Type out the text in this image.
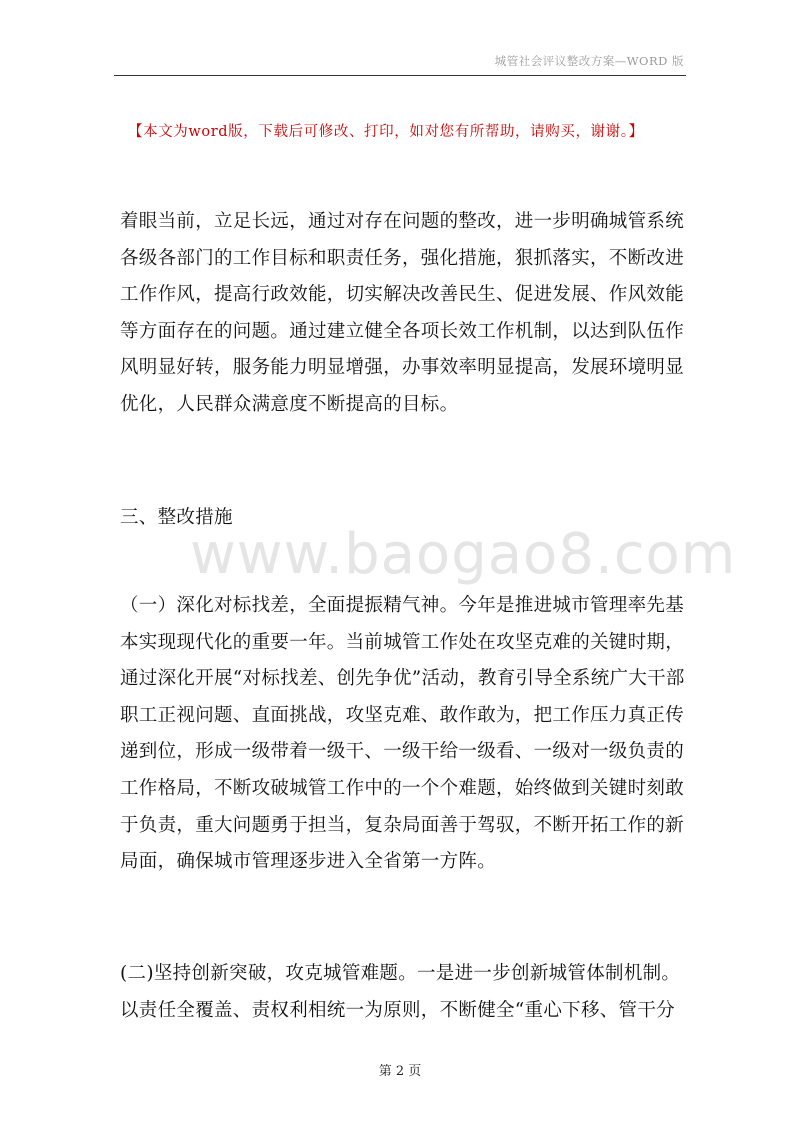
城管社会评议整改方案—WORD 版
【本文为word版，下载后可修改、打印，如对您有所帮助，请购买，谢谢。】
www.baogao8.com

着眼当前，立足长远，通过对存在问题的整改，进一步明确城管系统各级各部门的工作目标和职责任务，强化措施，狠抓落实，不断改进工作作风，提高行政效能，切实解决改善民生、促进发展、作风效能等方面存在的问题。通过建立健全各项长效工作机制，以达到队伍作风明显好转，服务能力明显增强，办事效率明显提高，发展环境明显优化，人民群众满意度不断提高的目标。

三、整改措施

（一）深化对标找差，全面提振精气神。今年是推进城市管理率先基本实现现代化的重要一年。当前城管工作处在攻坚克难的关键时期，通过深化开展“对标找差、创先争优”活动，教育引导全系统广大干部职工正视问题、直面挑战，攻坚克难、敢作敢为，把工作压力真正传递到位，形成一级带着一级干、一级干给一级看、一级对一级负责的工作格局，不断攻破城管工作中的一个个难题，始终做到关键时刻敢于负责，重大问题勇于担当，复杂局面善于驾驭，不断开拓工作的新局面，确保城市管理逐步进入全省第一方阵。

(二)坚持创新突破，攻克城管难题。一是进一步创新城管体制机制。以责任全覆盖、责权利相统一为原则，不断健全“重心下移、管干分

第 2 页
